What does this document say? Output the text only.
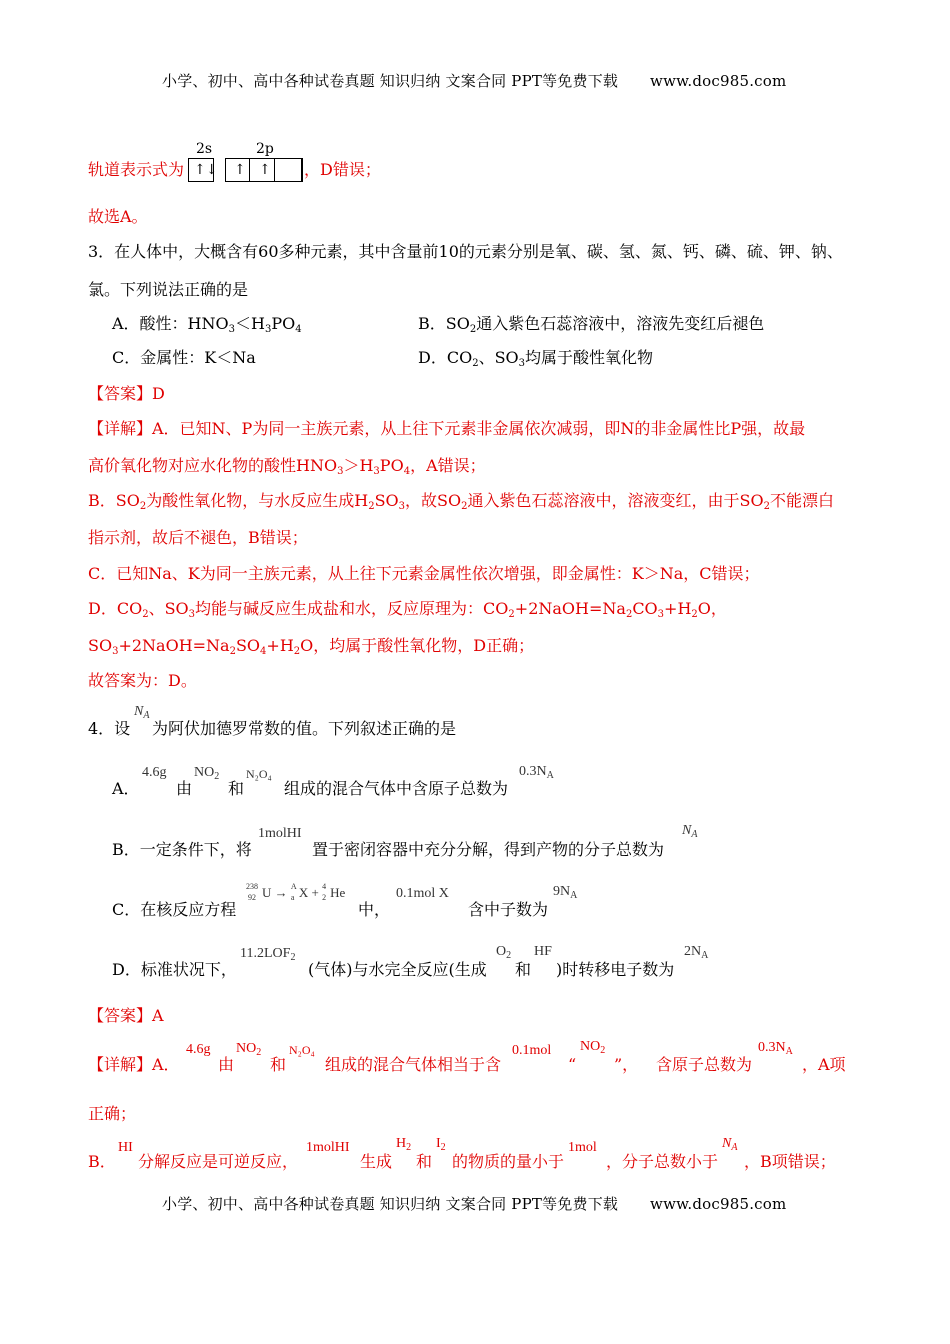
小学、初中、高中各种试卷真题 知识归纳 文案合同 PPT等免费下载 www.doc985.com
2s	2p
轨道表示式为 ↑↓ ↑ ↑ ，D错误；
故选A。
3．在人体中，大概含有60多种元素，其中含量前10的元素分别是氧、碳、氢、氮、钙、磷、硫、钾、钠、
氯。下列说法正确的是
A．酸性：$HNO_3<H_3PO_4$	B．$SO_2$通入紫色石蕊溶液中，溶液先变红后褪色
C．金属性：K＜Na	D．$CO_2$、$SO_3$均属于酸性氧化物
【答案】D
【详解】A．已知N、P为同一主族元素，从上往下元素非金属依次减弱，即N的非金属性比P强，故最
高价氧化物对应水化物的酸性$HNO_3>H_3PO_4$，A错误；
B．$SO_2$为酸性氧化物，与水反应生成$H_2SO_3$，故$SO_2$通入紫色石蕊溶液中，溶液变红，由于$SO_2$不能漂白
指示剂，故后不褪色，B错误；
C．已知Na、K为同一主族元素，从上往下元素金属性依次增强，即金属性：K＞Na，C错误；
D．$CO_2$、$SO_3$均能与碱反应生成盐和水，反应原理为：$CO_2+2NaOH=Na_2CO_3+H_2O$，
$SO_3+2NaOH=Na_2SO_4+H_2O$，均属于酸性氧化物，D正确；
故答案为：D。
4．设
$N_A$
为阿伏加德罗常数的值。下列叙述正确的是
A．
4.6g
由
$NO_2$
和
N₂O₄
组成的混合气体中含原子总数为
$0.3N_A$
B．一定条件下，将
1molHI
置于密闭容器中充分分解，得到产物的分子总数为
$N_A$
C．在核反应方程
238
92 U → A
a X + 4
2 He
中，
0.1mol X
含中子数为
$9N_A$
D．标准状况下，
$11.2LOF_2$
(气体)与水完全反应(生成
$O_2$
和
HF
)时转移电子数为
$2N_A$
【答案】A
【详解】A．
4.6g
由
$NO_2$
和
N₂O₄
组成的混合气体相当于含
0.1mol
“
$NO_2$
”， 含原子总数为
$0.3N_A$
，A项
正确；
B．
HI
分解反应是可逆反应，
1molHI
生成
$H_2$
和
$I_2$
的物质的量小于
1mol
，分子总数小于
$N_A$
，B项错误；
小学、初中、高中各种试卷真题 知识归纳 文案合同 PPT等免费下载 www.doc985.com
